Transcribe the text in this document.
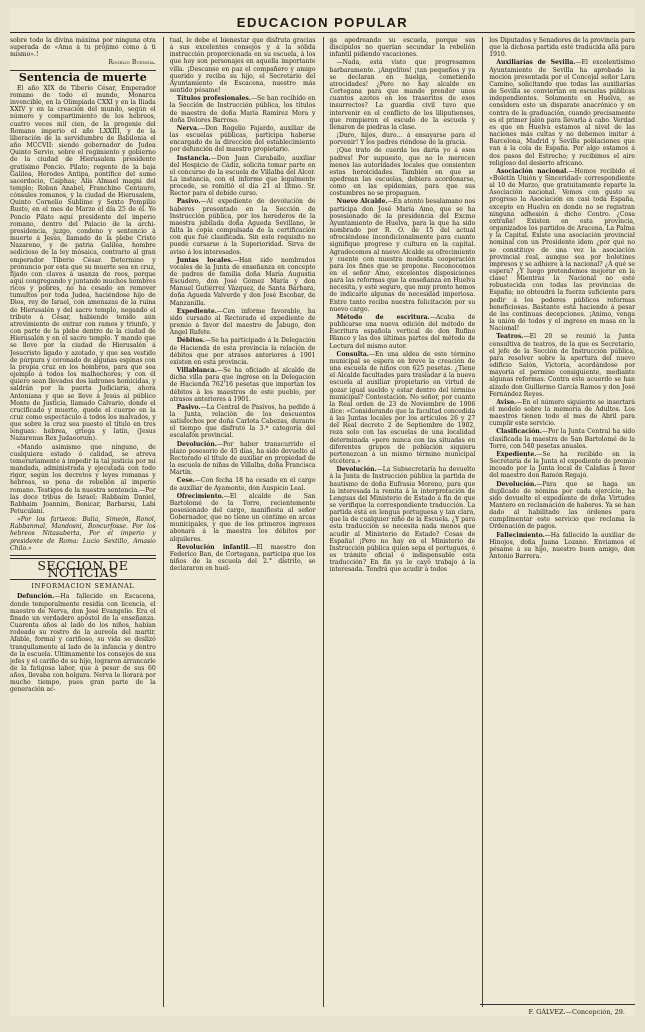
EDUCACION POPULAR

sobre todo la divina máxima por ninguna otra superada de «Ama á tu prójimo como á ti mismo».!

Rogelio Buendía.
Sentencia de muerte

El año XIX de Tiberio César, Emperador romano de todo el mundo, Monarca invencible, en la Olimpiada CXXI y en la Iliada XXIV y en la creación del mundo, según el número y compartimiento de los hebreos, cuatro veces mil cien, de la progenie del Romano imperio el año LXXIII, y de la liberación de la servidumbre de Babilonia el año MCCVII: siendo gobernador de Judea Quinto Servio, sobre el regimiento y gobierno de la ciudad de Hierusalem presidente gratísimo Poncio. Pilato; regente de la baja Galilea, Herodes Antipa, pontífice del sumo sacerdocio, Caiphas; Alis Almael magni del templo; Roban Anabel, Franchino Centauro, cónsules romanos, y la ciudad de Hierusalem, Quinto Cornelio Sublime y Sexto Pompilio Rusto, en el mes de Marzo el día 25 de él. Yo Poncio Pilato aquí presidente del imperio romano, dentro del Palacio de la archi-presidencia, juzgo, condeno y sentencio á muerte á Jesús, llamado de la plebe Cristo Nazareno, y de patria Galilea, hombre sedicioso de la ley mósaica, contrario al gran emperador Tiberio César. Determino y pronuncio por esta que su muerte sea en cruz, fijado con clavos á usanza de reos, porque aquí congregando y juntando muchos hombres ricos y pobres, no ha cesado en remover tumultos por toda Judea, haciéndose hijo de Dios, rey de Israel, con amenazas de la ruina de Hierusalén y del sacro templo, negando el tributo á César, habiendo tenido aún atrevimiento de entrar con ramos y triunfo, y con parte de la plebe dentro de la ciudad de Hierusalén y en el sacro templo. Y mando que se lleve por la ciudad de Hierusalén á Jesucristo ligado y azotado, y que sea vestido de púrpura y coronado de algunas espinas con la propia cruz en los hombros, para que sea ejemplo á todos los malhechores; y con él quiero sean llevados dos ladrones homicidas, y saldrán por la puerta Judiciaria, ahora Antoniana y que se lleve á Jesús al público Monte de Justicia, llamado Calvario, donde el crucificado y muerto, quede el cuerpo en la cruz como espectáculo á todos los malvados, y que sobre la cruz sea puesto el título en tres lenguas: hebrea, griega y latín, (Jesus Nazarenus Rex Judaeorum).

«Mando asimismo que ninguno, de cualquiera estado ó calidad, se atreva temerariamente á impedir la tal justicia por mí mandada, administrada y ejecutada con todo rigor, según los decretos y leyes romanas y hebreas, so pena de rebelión al imperio romano. Testigos de la nuestra sentencia.—Por las doce tribus de Israel: Rabbaim Daniel, Rabbaim Joannim, Bonicar, Barbarsu, Labi Petuculani.

»Por los fariseos: Bulia, Simeón, Ronol, Rabbanmal, Mandosni, Boncurfosse. Por los hebreos Nitasuberta, Por el imperio y presidente de Roma: Lucio Sextillo, Amasio Chilo.»

SECCION DE NOTICIAS
INFORMACION SEMANAL

Defunción.—Ha fallecido en Escacena, donde temporalmente residía con licencia, el maestro de Nerva, don José Evangelio. Era el finado un verdadero apóstol de la enseñanza. Cuarenta años al lado de los niños, habían rodeado su rostro de la aureola del martir. Afable, formal y cariñoso, su vida se deslizó tranquilamente al lado de la infancia y dentro de la escuela. Ultimamente los consejos de sus jefes y el cariño de su hijo, lograron arrancarle de la fatigosa labor, que á pesar de sus 60 años, llevaba con holgura. Nerva le llorará por mucho tiempo, pues gran parte de la generación ac-

tual, le debe el bienestar que disfruta gracias á sus excelentes consejos y á la sólida instrucción proporcionada en su escuela, á los que hoy son personajes en aquella importante villa. ¡Descanse en paz el compañero y amigo querido y reciba su hijo, el Secretario del Ayuntamiento de Escacena, nuestro más sentido pésame!

Títulos profesionales.—Se han recibido en la Sección de Instrucción pública, los títulos de maestra de doña María Ramírez Mora y doña Dolores Barroso.

Nerva.—Don Rogelio Fajardo, auxiliar de las escuelas públicas, participa haberse encargado de la dirección del establecimiento por defunción del maestro propietario.

Instancia.—Don Juan Caraballo, auxiliar del Hospicio de Cádiz, solicita tomar parte en el concurso de la escuela de Villalba del Alcor. La instancia, con el informe que legalmente procede, se remitió el día 21 al Iltmo. Sr. Rector para el debido curso.

Pasivo.—Al expediente de devolución de haberes presentado en la Sección de Instrucción pública, por los herederos de la maestra jubilada doña Agueda Sevillano, le falta la copia compulsada de la certificación con que fué clasificada. Sin este requisito no puede cursarse á la Superioridad. Sirva de aviso á los interesados.

Juntas locales.—Han sido nombrados vocales de la Junta de enseñanza en concepto de padres de familia doña María Augustia Escudero, don José Gómez María y don Manuel Gutiérrez Vázquez, de Santa Bárbara, doña Agueda Valverde y don José Escobar, de Manzanilla.

Expediente.—Con informe favorable, ha sido cursado al Rectorado el expediente de premio á favor del maestro de Jabugo, don Angel Rufete.

Débitos.—Se ha participado á la Delegación de Hacienda de esta provincia la relación de débitos que por atrasos anteriores á 1901 existen en esta provincia.

Villablanca.—Se ha oficiado al alcalde de dicha villa para que ingrese en la Delegación de Hacienda 762'16 pesetas que importan los débitos á los maestros de este pueblo, por atrasos anteriores á 1901.

Pasivo.—La Central de Pasivos, ha pedido á la Junta, relación de los descuentos satisfechos por doña Carlota Cabezas, durante el tiempo que disfrutó la 3.ª categoría del escalafón provincial.

Devolución.—Por haber transcurrido el plazo posesorio de 45 días, ha sido devuelto al Rectorado el título de auxiliar en propiedad de la escuela de niñas de Villalba, doña Francisca Martín.

Cese.—Con fecha 18 ha cesado en el cargo de auxiliar de Ayamonte, don Auspicio Leal.

Ofrecimiento.—El alcalde de San Bartolomé de la Torre, recientemente posesionado del cargo, manifiesta al señor Gobernador, que no tiene un céntimo en arcas municipales, y que de los primeros ingresos abonará á la maestra los débitos por alquileres.

Revolución infantil.—El maestro don Federico Ban, de Cortegana, participa que los niños de la escuela del 2.° distrito, se declararon en huel-

ga apedreando su escuela, porque sus discípulos no querían secundar la rebelión infantil pidiendo vacaciones.

—Nada, está visto que progresamos barbaramente. ¡Angelitos! ¡tan pequeños y ya se declaran en huelga, cometiendo atrocidades! ¿Pero no hay alcalde en Cortegana para que mande prender unos cuantos azotes en los traseritos de esos insurrectos? La guardia civil tuvo que intervenir en el conflicto de los liliputienses, que rompieron el escudo de la escuela y llenaron de piedras la clase.

¡Duro, hijos, duro... á ensayarse para el porvenir! Y los padres riéndose de la gracia.

¡Que trato de cuerda les daría yo á esos padres! Por supuesto, que no lo merecen menos las autoridades locales que consienten estas heroicidades. También en que se apedrean las escuelas, debiera acordonarse, como en las epidemias, para que sus costumbres no se propaguen.

Nuevo Alcalde.—En atento besalamano nos participa don José María Amo, que se ha posesionado de la presidencia del Excmo Ayuntamiento de Huelva, para la que ha sido nombrado por R. O. de 15 del actual ofreciéndose incondicionalmente para cuanto signifique progreso y cultura en la capital. Agradecemos al nuevo Alcalde su ofrecimiento y cuente con nuestra modesta cooperación para los fines que se propone. Reconocemos en el señor Amo, excelentes disposiciones para las reformas que la enseñanza en Huelva necesita, y esté seguro, que muy pronto hemos de indicarle algunas de necesidad imperiosa. Entre tanto reciba nuestra felicitación por su nuevo cargo.

Método de escritura.—Acaba de publicarse una nueva edición del método de Escritura española vertical de don Rufino Blanco y las dos últimas partes del método de Lectura del mismo autor.

Consulta.—En una aldea de este término municipal se espera en breve la creación de una escuela de niños con 625 pesetas. ¿Tiene el Alcalde facultades para trasladar á la nueva escuela al auxiliar propietario en virtud de gozar igual sueldo y estar dentro del término municipal? Contestación. No señor, por cuanto la Real orden de 23 de Noviembre de 1906 dice: «Considerando que la facultad concedida á las Juntas locales por los artículos 26 y 27 del Real decreto 2 de Septiembre de 1902, reza solo con las escuelas de una localidad determinada »pero nunca con las situadas en diferentes grupos de población siquiera pertenezcan á un mismo término municipal etcétera.»

Devolución.—La Subsecretaría ha devuelto á la Junta de Instrucción pública la partida de bautismo de doña Eufrasia Moreno, para que la interesada la remita á la interpretación de Lenguas del Ministerio de Estado á fin de que se verifique la correspondiente traducción. La partida está en lengua portuguesa y tan clara, que la de cualquier niño de la Escuela. ¿Y para esta traducción se necesita nada menos que acudir al Ministerio de Estado? Cosas de España! ¡Pero no hay en el Ministerio de Instrucción pública quien sepa el portugués, ó es trámite oficial é indispensable esta traducción? En fin ya le cayó trabajo á la interesada. Tendrá que acudir á todos

los Diputados y Senadores de la provincia para que la dichosa partida esté traducida allá para 1910.

Auxiliarías de Sevilla.—El excelentísimo Ayuntamiento de Sevilla ha aprobado la moción presentada por el Concejal señor Lara Camino, solicitando que todas las auxiliarías de Sevilla se conviertan en escuelas públicas independientes. Solamente en Huelva, se considera esto un disparate anacrónico y en contra de la graduación, cuando precisamente es el primer jalón para llevarla á cabo. Verdad es que en Huelva estamos al nivel de las naciones más cultas y no debemos imitar á Barcelona, Madrid y Sevilla poblaciones que van á la cola de España. Por algo estamos á dos pasos del Estrecho; y recibimos el aire religioso del desierto africano.

Asociación nacional.—Hemos recibido el «Boletín Unión y Sinceridad» correspondiente al 10 de Marzo, que gratuitamente reparte la Asociación nacional. Vemos con gusto su progreso la Asociación en casi toda España, excepto en Huelva en donde no se registran ninguna adhesión á dicho Centro. ¿Cosa extraña! Existen en esta provincia, organizados los partidos de Aracena, La Palma y la Capital. Existe una asociación provincial nominal con un Presidente idem ¿por qué no se constituye de una vez la asociación provincial real, aunque sea por boletines impresos y se adhiere á la nacional? ¿Á qué se espera? ¿Y luego pretendemos mejorar en la clase! Mientras la Nacional no esté robustecida con todas las provincias de España; no obtendrá la fuerza suficiente para pedir á los poderes públicos reformas beneficiosas. Bastante está haciendo á pesar de las continuas decepciones. ¡Animo, venga la unión de todos y el ingreso en masa en la Nacional!

Teatros.—El 20 se reunió la Junta consultiva de teatros, de la que es Secretario, el jefe de la Sección de Instrucción pública, para resolver sobre la apertura del nuevo edificio Salón, Victoria, acordándose por mayoría el permiso consiguiente, mediante algunas reformas. Contra este acuerdo se han alzado don Guillermo García Ramos y don José Fernández Reyes.

Aviso.—En el número siguiente se insertará el modelo sobre la memoria de Adultos. Los maestros tienen todo el mes de Abril para cumplir este servicio.

Clasificación.—Por la Junta Central ha sido clasificada la maestra de San Bartolomé de la Torre, con 540 pesetas anuales.

Expediente.—Se ha recibido en la Secretaría de la Junta el expediente de premio incoado por la Junta local de Calañas á favor del maestro don Ramón Regajo.

Devolución.—Para que se haga un duplicado de nómina por cada ejercicio, ha sido devuelto el expediente de doña Virtudes Mantero en reclamación de haberes. Ya se han dado al habilitado las órdenes para cumplimentar este servicio que reclama la Ordenación de pagos.

Fallecimiento.—Ha fallecido la auxiliar de Hinojos, doña Juana Lozano. Enviamos el pésame á su hijo, nuestro buen amigo, don Antonio Barrera.

F. GÁLVEZ.—Concepción, 29.
